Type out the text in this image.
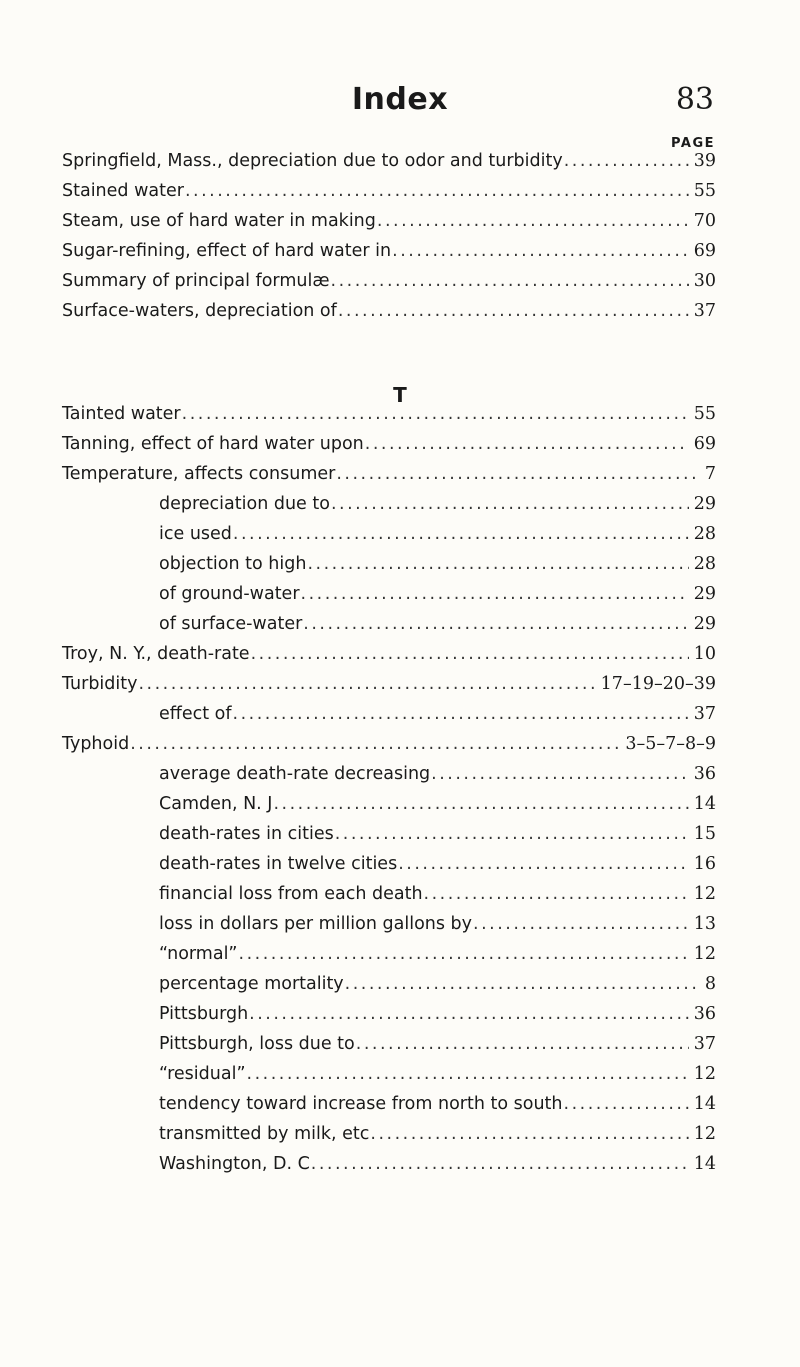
Index	83
PAGE
Springfield, Mass., depreciation due to odor and turbidity .....	39
Stained water .....	55
Steam, use of hard water in making .....	70
Sugar-refining, effect of hard water in .....	69
Summary of principal formulæ .....	30
Surface-waters, depreciation of .....	37
T
Tainted water .....	55
Tanning, effect of hard water upon .....	69
Temperature, affects consumer .....	7
depreciation due to .....	29
ice used .....	28
objection to high .....	28
of ground-water .....	29
of surface-water .....	29
Troy, N. Y., death-rate .....	10
Turbidity .....	17–19–20–39
effect of .....	37
Typhoid .....	3–5–7–8–9
average death-rate decreasing .....	36
Camden, N. J .....	14
death-rates in cities .....	15
death-rates in twelve cities .....	16
financial loss from each death .....	12
loss in dollars per million gallons by .....	13
“normal” .....	12
percentage mortality .....	8
Pittsburgh .....	36
Pittsburgh, loss due to .....	37
“residual” .....	12
tendency toward increase from north to south .....	14
transmitted by milk, etc .....	12
Washington, D. C .....	14
